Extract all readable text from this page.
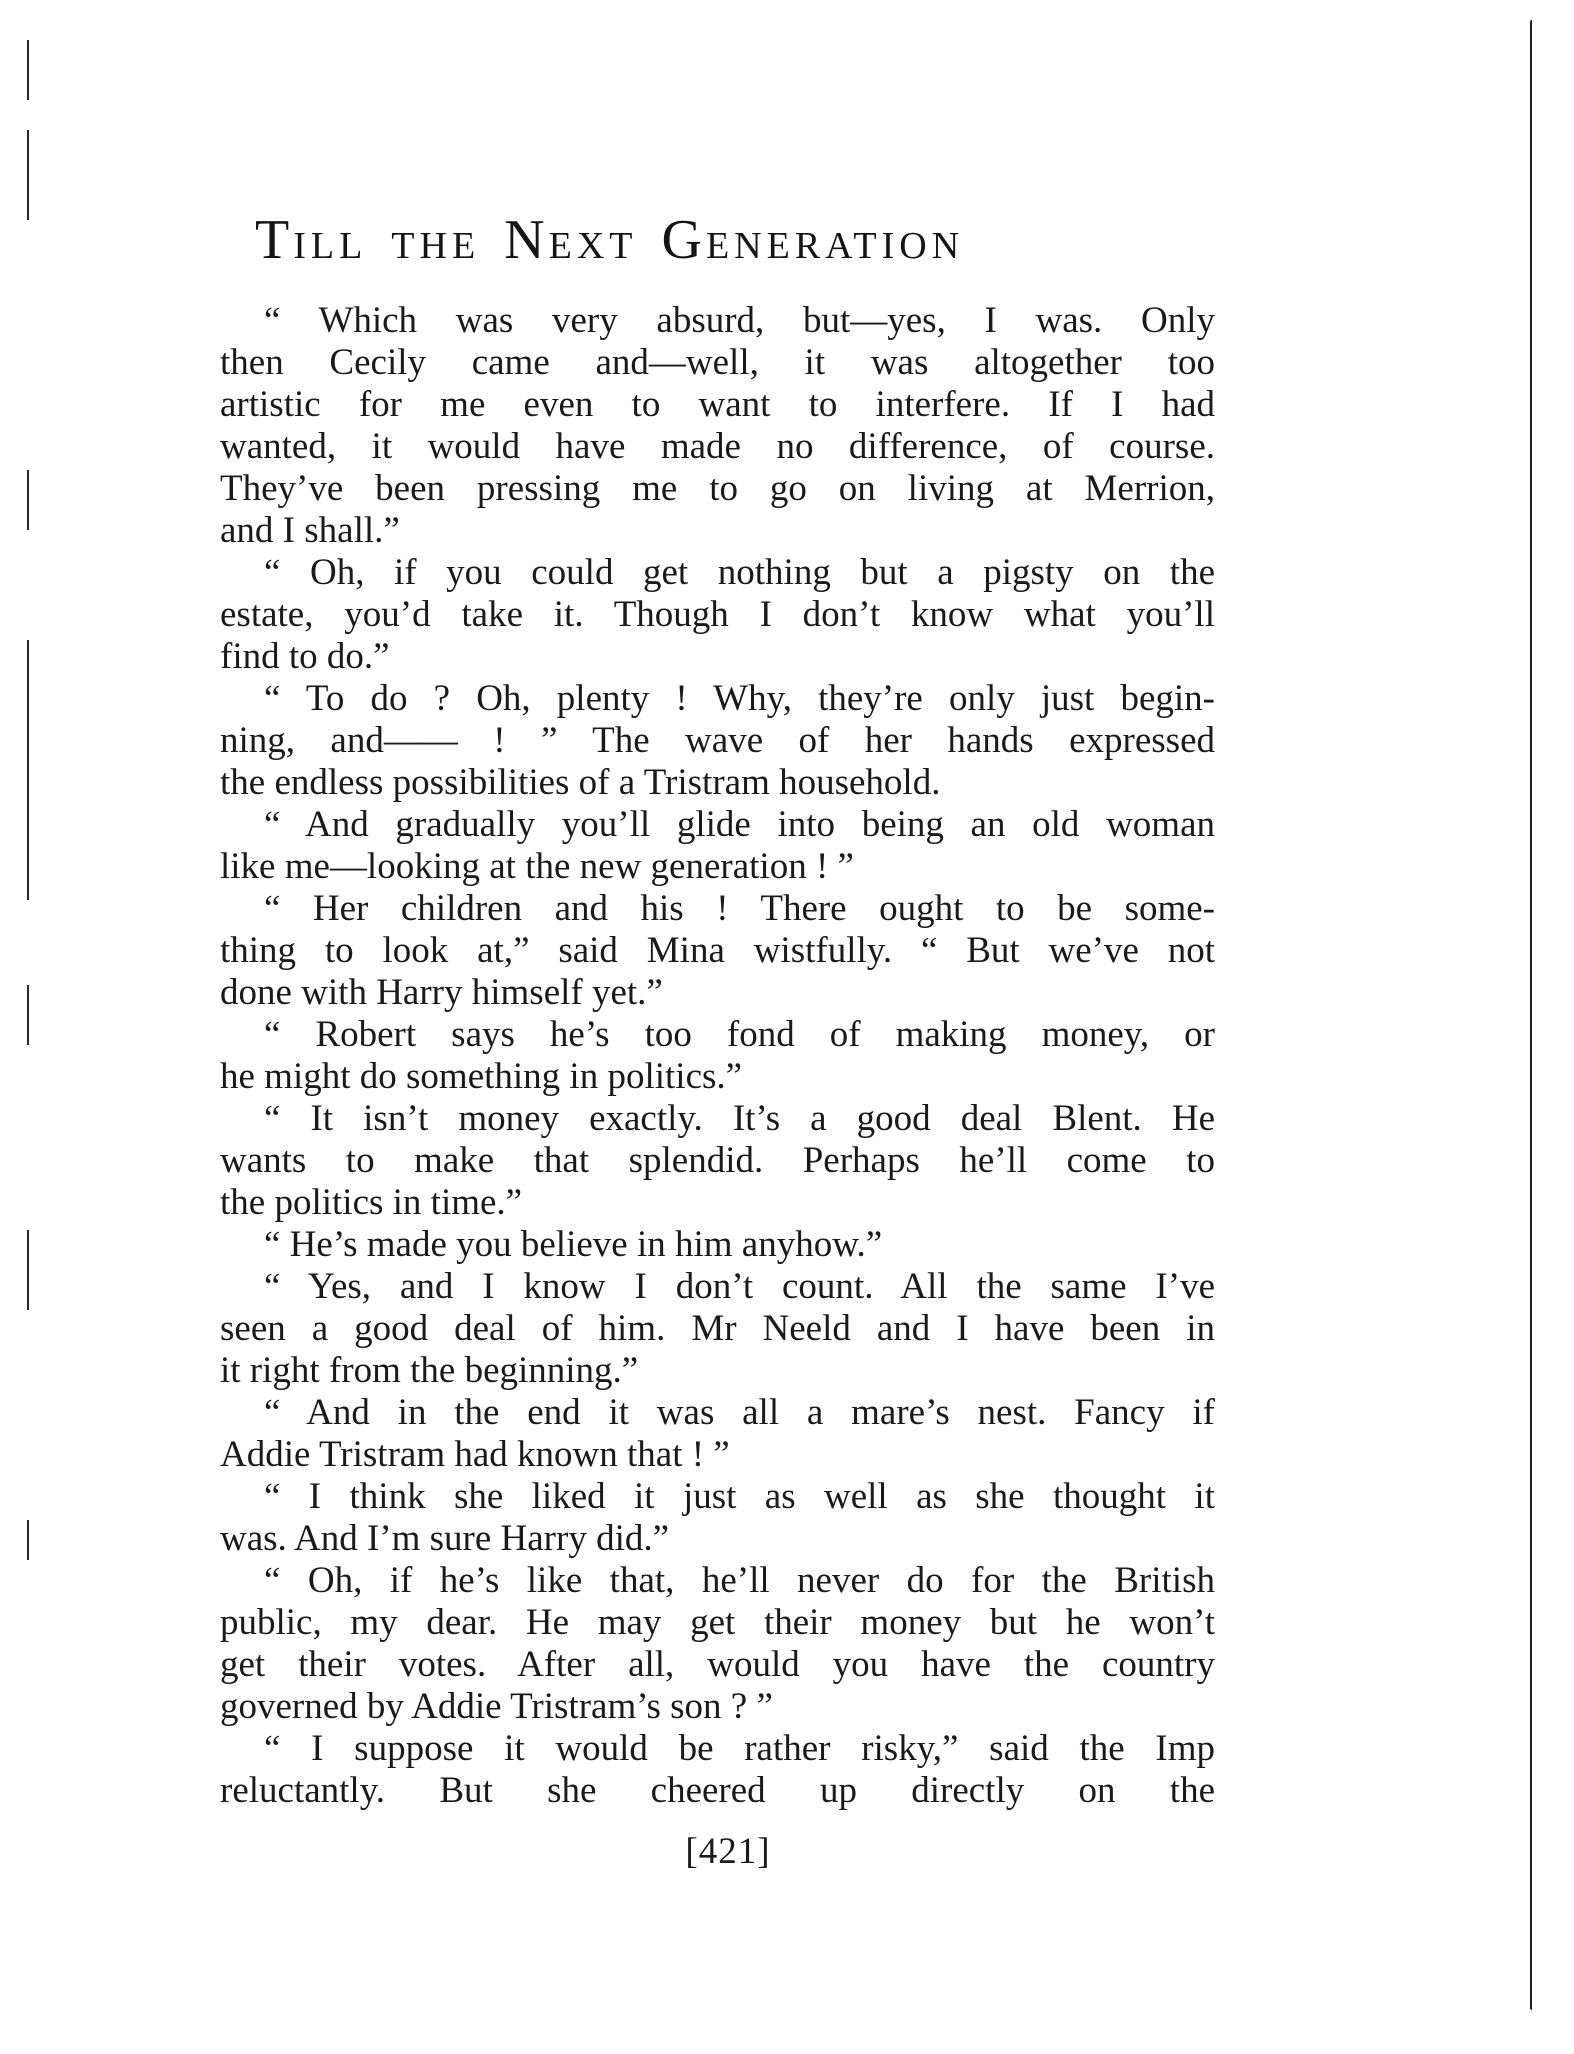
TILL  THE  NEXT  GENERATION
“ Which was very absurd, but—yes, I was. Only
then Cecily came and—well, it was altogether too
artistic for me even to want to interfere. If I had
wanted, it would have made no difference, of course.
They’ve been pressing me to go on living at Merrion,
and I shall.”
“ Oh, if you could get nothing but a pigsty on the
estate, you’d take it. Though I don’t know what you’ll
find to do.”
“ To do ? Oh, plenty ! Why, they’re only just begin-
ning, and—— ! ” The wave of her hands expressed
the endless possibilities of a Tristram household.
“ And gradually you’ll glide into being an old woman
like me—looking at the new generation ! ”
“ Her children and his ! There ought to be some-
thing to look at,” said Mina wistfully. “ But we’ve not
done with Harry himself yet.”
“ Robert says he’s too fond of making money, or
he might do something in politics.”
“ It isn’t money exactly. It’s a good deal Blent. He
wants to make that splendid. Perhaps he’ll come to
the politics in time.”
“ He’s made you believe in him anyhow.”
“ Yes, and I know I don’t count. All the same I’ve
seen a good deal of him. Mr Neeld and I have been in
it right from the beginning.”
“ And in the end it was all a mare’s nest. Fancy if
Addie Tristram had known that ! ”
“ I think she liked it just as well as she thought it
was. And I’m sure Harry did.”
“ Oh, if he’s like that, he’ll never do for the British
public, my dear. He may get their money but he won’t
get their votes. After all, would you have the country
governed by Addie Tristram’s son ? ”
“ I suppose it would be rather risky,” said the Imp
reluctantly. But she cheered up directly on the
[421]
